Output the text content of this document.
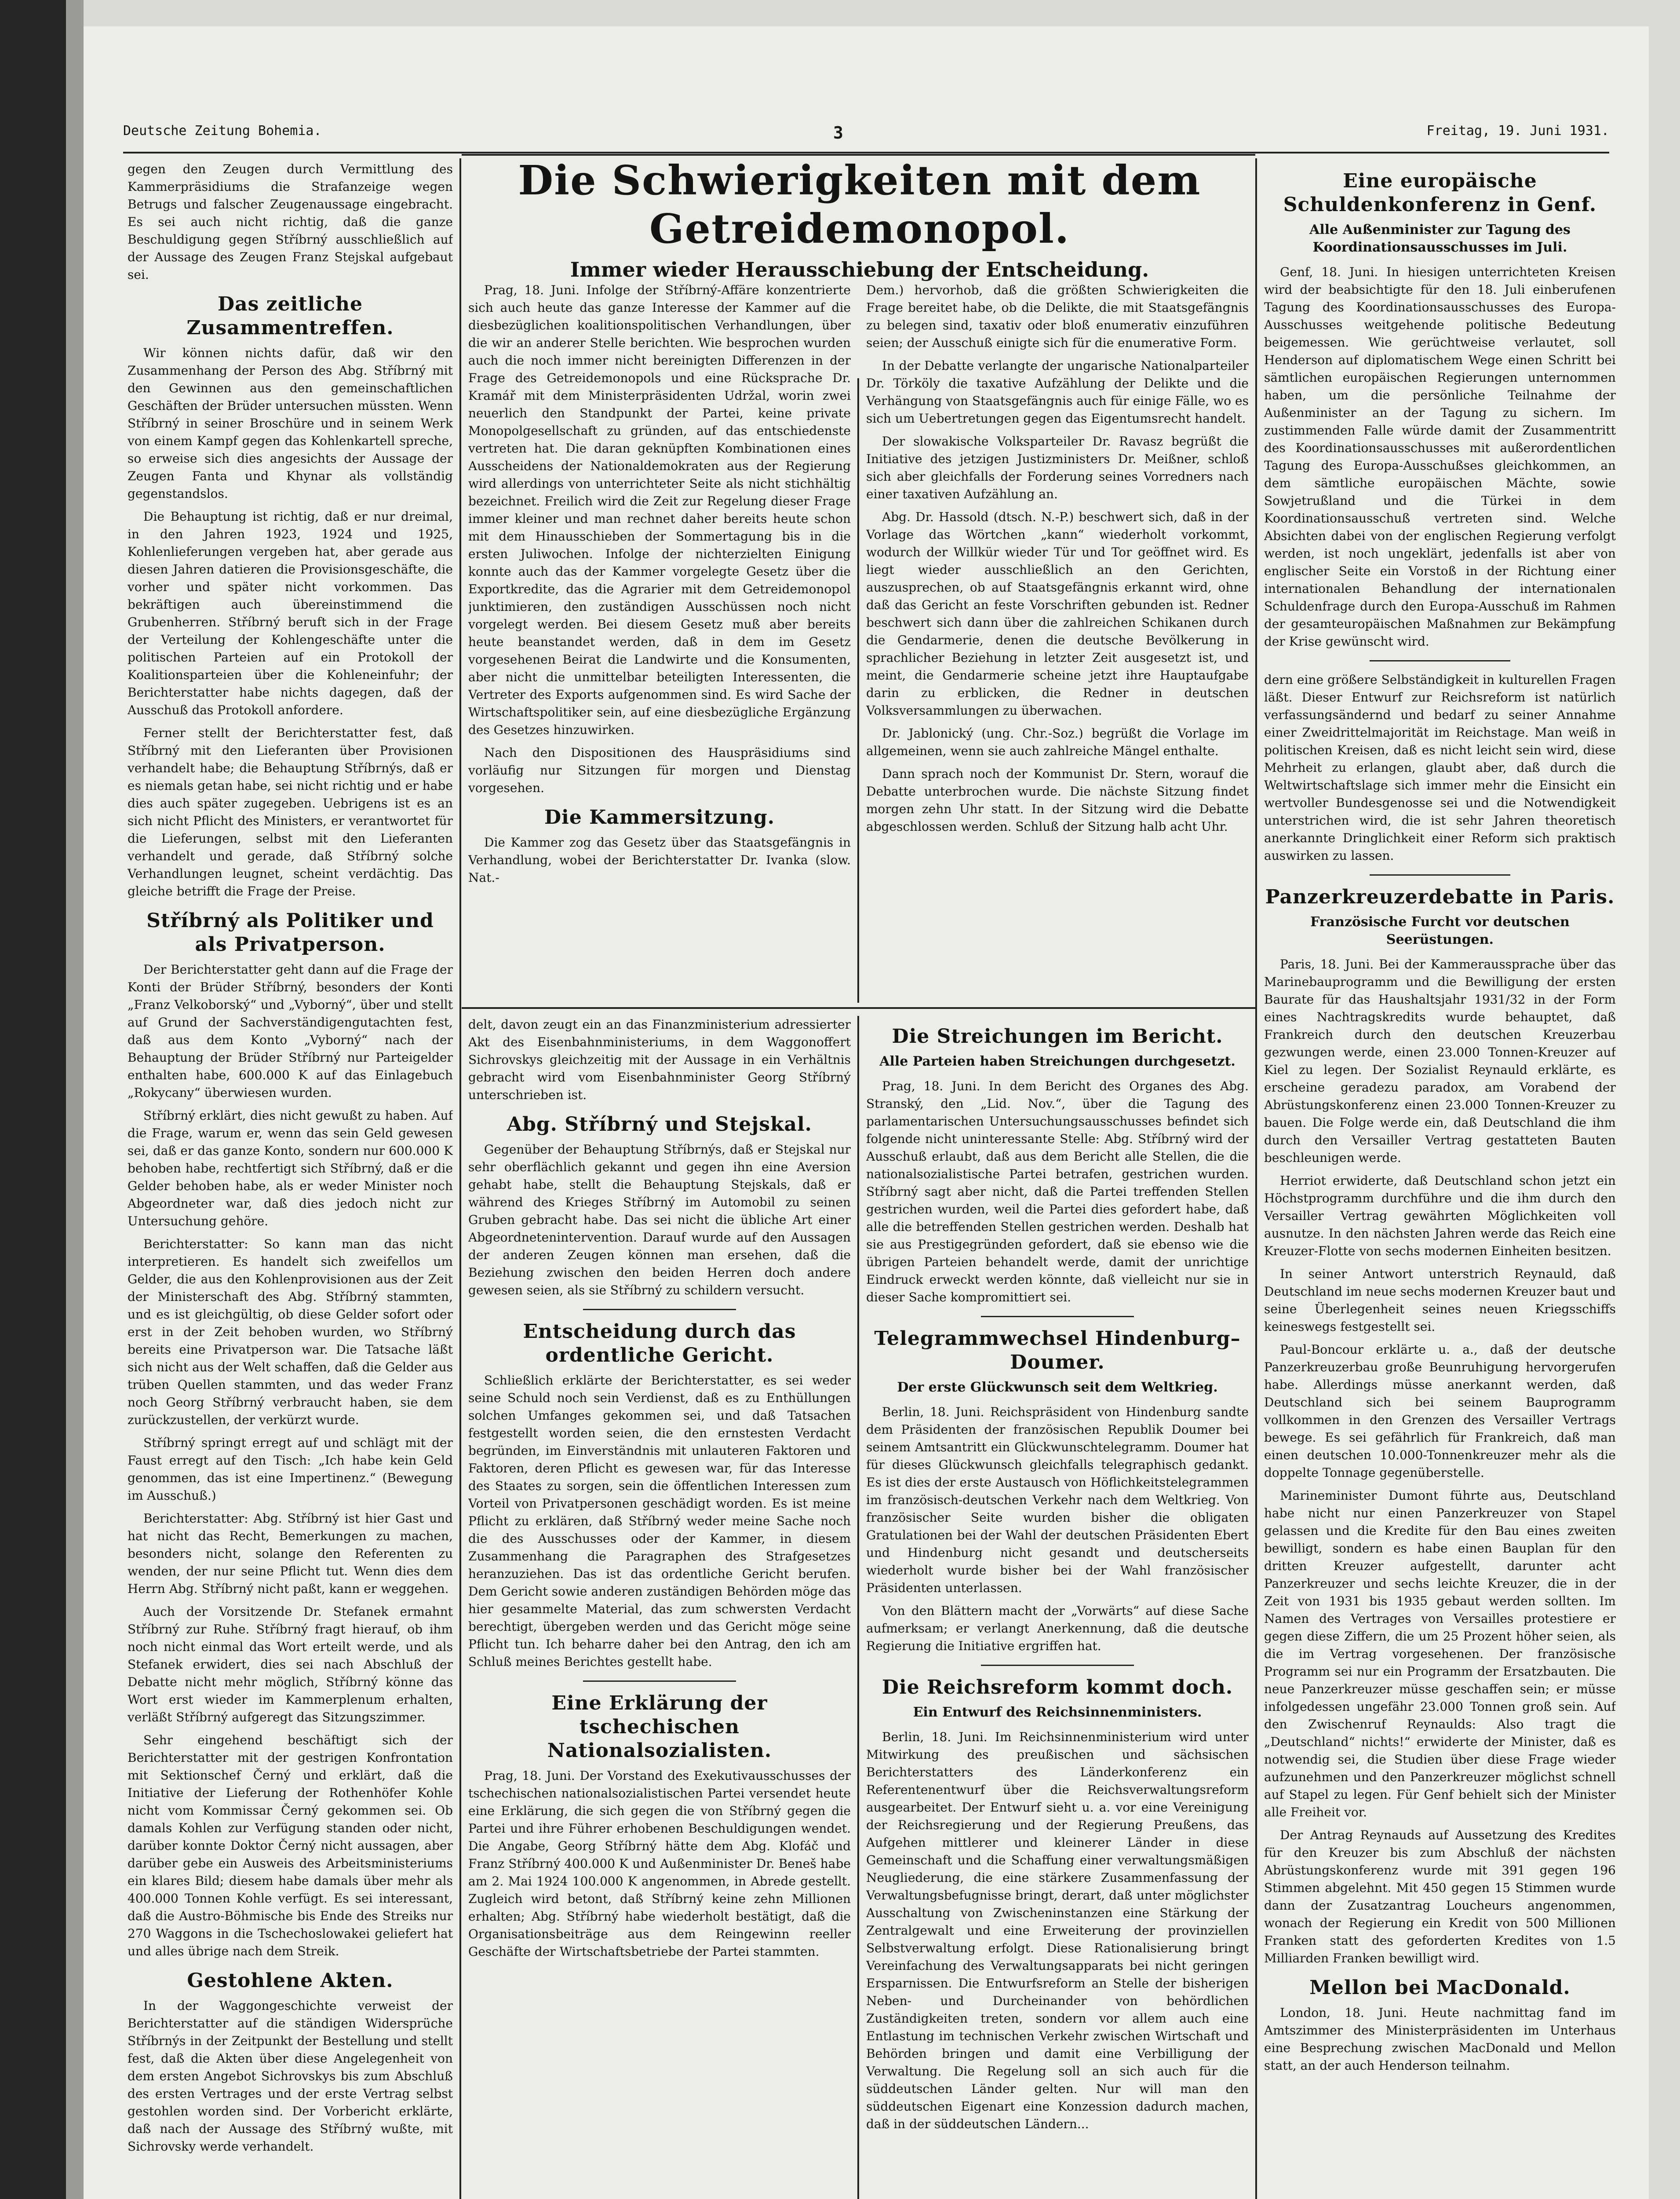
Deutsche Zeitung Bohemia.	3	Freitag, 19. Juni 1931.
Die Schwierigkeiten mit dem Getreidemonopol.
Immer wieder Herausschiebung der Entscheidung.

gegen den Zeugen durch Vermittlung des Kammerpräsidiums die Strafanzeige wegen Betrugs und falscher Zeugenaussage eingebracht. Es sei auch nicht richtig, daß die ganze Beschuldigung gegen Stříbrný ausschließlich auf der Aussage des Zeugen Franz Stejskal aufgebaut sei.

Das zeitliche Zusammentreffen.

Wir können nichts dafür, daß wir den Zusammenhang der Person des Abg. Stříbrný mit den Gewinnen aus den gemeinschaftlichen Geschäften der Brüder untersuchen müssten. Wenn Stříbrný in seiner Broschüre und in seinem Werk von einem Kampf gegen das Kohlenkartell spreche, so erweise sich dies angesichts der Aussage der Zeugen Fanta und Khynar als vollständig gegenstandslos.

Die Behauptung ist richtig, daß er nur dreimal, in den Jahren 1923, 1924 und 1925, Kohlenlieferungen vergeben hat, aber gerade aus diesen Jahren datieren die Provisionsgeschäfte, die vorher und später nicht vorkommen. Das bekräftigen auch übereinstimmend die Grubenherren. Stříbrný beruft sich in der Frage der Verteilung der Kohlengeschäfte unter die politischen Parteien auf ein Protokoll der Koalitionsparteien über die Kohleneinfuhr; der Berichterstatter habe nichts dagegen, daß der Ausschuß das Protokoll anfordere.

Ferner stellt der Berichterstatter fest, daß Stříbrný mit den Lieferanten über Provisionen verhandelt habe; die Behauptung Stříbrnýs, daß er es niemals getan habe, sei nicht richtig und er habe dies auch später zugegeben. Uebrigens ist es an sich nicht Pflicht des Ministers, er verantwortet für die Lieferungen, selbst mit den Lieferanten verhandelt und gerade, daß Stříbrný solche Verhandlungen leugnet, scheint verdächtig. Das gleiche betrifft die Frage der Preise.

Stříbrný als Politiker und als Privatperson.

Der Berichterstatter geht dann auf die Frage der Konti der Brüder Stříbrný, besonders der Konti „Franz Velkoborský“ und „Vyborný“, über und stellt auf Grund der Sachverständigengutachten fest, daß aus dem Konto „Vyborný“ nach der Behauptung der Brüder Stříbrný nur Parteigelder enthalten habe, 600.000 K auf das Einlagebuch „Rokycany“ überwiesen wurden.

Stříbrný erklärt, dies nicht gewußt zu haben. Auf die Frage, warum er, wenn das sein Geld gewesen sei, daß er das ganze Konto, sondern nur 600.000 K behoben habe, rechtfertigt sich Stříbrný, daß er die Gelder behoben habe, als er weder Minister noch Abgeordneter war, daß dies jedoch nicht zur Untersuchung gehöre.

Berichterstatter: So kann man das nicht interpretieren. Es handelt sich zweifellos um Gelder, die aus den Kohlenprovisionen aus der Zeit der Ministerschaft des Abg. Stříbrný stammten, und es ist gleichgültig, ob diese Gelder sofort oder erst in der Zeit behoben wurden, wo Stříbrný bereits eine Privatperson war. Die Tatsache läßt sich nicht aus der Welt schaffen, daß die Gelder aus trüben Quellen stammten, und das weder Franz noch Georg Stříbrný verbraucht haben, sie dem zurückzustellen, der verkürzt wurde.

Stříbrný springt erregt auf und schlägt mit der Faust erregt auf den Tisch: „Ich habe kein Geld genommen, das ist eine Impertinenz.“ (Bewegung im Ausschuß.)

Berichterstatter: Abg. Stříbrný ist hier Gast und hat nicht das Recht, Bemerkungen zu machen, besonders nicht, solange den Referenten zu wenden, der nur seine Pflicht tut. Wenn dies dem Herrn Abg. Stříbrný nicht paßt, kann er weggehen.

Auch der Vorsitzende Dr. Stefanek ermahnt Stříbrný zur Ruhe. Stříbrný fragt hierauf, ob ihm noch nicht einmal das Wort erteilt werde, und als Stefanek erwidert, dies sei nach Abschluß der Debatte nicht mehr möglich, Stříbrný könne das Wort erst wieder im Kammerplenum erhalten, verläßt Stříbrný aufgeregt das Sitzungszimmer.

Sehr eingehend beschäftigt sich der Berichterstatter mit der gestrigen Konfrontation mit Sektionschef Černý und erklärt, daß die Initiative der Lieferung der Rothenhöfer Kohle nicht vom Kommissar Černý gekommen sei. Ob damals Kohlen zur Verfügung standen oder nicht, darüber konnte Doktor Černý nicht aussagen, aber darüber gebe ein Ausweis des Arbeitsministeriums ein klares Bild; diesem habe damals über mehr als 400.000 Tonnen Kohle verfügt. Es sei interessant, daß die Austro-Böhmische bis Ende des Streiks nur 270 Waggons in die Tschechoslowakei geliefert hat und alles übrige nach dem Streik.

Gestohlene Akten.

In der Waggongeschichte verweist der Berichterstatter auf die ständigen Widersprüche Stříbrnýs in der Zeitpunkt der Bestellung und stellt fest, daß die Akten über diese Angelegenheit von dem ersten Angebot Sichrovskys bis zum Abschluß des ersten Vertrages und der erste Vertrag selbst gestohlen worden sind. Der Vorbericht erklärte, daß nach der Aussage des Stříbrný wußte, mit Sichrovsky werde verhandelt.

Prag, 18. Juni. Infolge der Stříbrný-Affäre konzentrierte sich auch heute das ganze Interesse der Kammer auf die diesbezüglichen koalitionspolitischen Verhandlungen, über die wir an anderer Stelle berichten. Wie besprochen wurden auch die noch immer nicht bereinigten Differenzen in der Frage des Getreidemonopols und eine Rücksprache Dr. Kramář mit dem Ministerpräsidenten Udržal, worin zwei neuerlich den Standpunkt der Partei, keine private Monopolgesellschaft zu gründen, auf das entschiedenste vertreten hat. Die daran geknüpften Kombinationen eines Ausscheidens der Nationaldemokraten aus der Regierung wird allerdings von unterrichteter Seite als nicht stichhältig bezeichnet. Freilich wird die Zeit zur Regelung dieser Frage immer kleiner und man rechnet daher bereits heute schon mit dem Hinausschieben der Sommertagung bis in die ersten Juliwochen. Infolge der nichterzielten Einigung konnte auch das der Kammer vorgelegte Gesetz über die Exportkredite, das die Agrarier mit dem Getreidemonopol junktimieren, den zuständigen Ausschüssen noch nicht vorgelegt werden. Bei diesem Gesetz muß aber bereits heute beanstandet werden, daß in dem im Gesetz vorgesehenen Beirat die Landwirte und die Konsumenten, aber nicht die unmittelbar beteiligten Interessenten, die Vertreter des Exports aufgenommen sind. Es wird Sache der Wirtschaftspolitiker sein, auf eine diesbezügliche Ergänzung des Gesetzes hinzuwirken.

Nach den Dispositionen des Hauspräsidiums sind vorläufig nur Sitzungen für morgen und Dienstag vorgesehen.

Die Kammersitzung.

Die Kammer zog das Gesetz über das Staatsgefängnis in Verhandlung, wobei der Berichterstatter Dr. Ivanka (slow. Nat.-

Dem.) hervorhob, daß die größten Schwierigkeiten die Frage bereitet habe, ob die Delikte, die mit Staatsgefängnis zu belegen sind, taxativ oder bloß enumerativ einzuführen seien; der Ausschuß einigte sich für die enumerative Form.

In der Debatte verlangte der ungarische Nationalparteiler Dr. Törköly die taxative Aufzählung der Delikte und die Verhängung von Staatsgefängnis auch für einige Fälle, wo es sich um Uebertretungen gegen das Eigentumsrecht handelt.

Der slowakische Volksparteiler Dr. Ravasz begrüßt die Initiative des jetzigen Justizministers Dr. Meißner, schloß sich aber gleichfalls der Forderung seines Vorredners nach einer taxativen Aufzählung an.

Abg. Dr. Hassold (dtsch. N.-P.) beschwert sich, daß in der Vorlage das Wörtchen „kann“ wiederholt vorkommt, wodurch der Willkür wieder Tür und Tor geöffnet wird. Es liegt wieder ausschließlich an den Gerichten, auszusprechen, ob auf Staatsgefängnis erkannt wird, ohne daß das Gericht an feste Vorschriften gebunden ist. Redner beschwert sich dann über die zahlreichen Schikanen durch die Gendarmerie, denen die deutsche Bevölkerung in sprachlicher Beziehung in letzter Zeit ausgesetzt ist, und meint, die Gendarmerie scheine jetzt ihre Hauptaufgabe darin zu erblicken, die Redner in deutschen Volksversammlungen zu überwachen.

Dr. Jablonický (ung. Chr.-Soz.) begrüßt die Vorlage im allgemeinen, wenn sie auch zahlreiche Mängel enthalte.

Dann sprach noch der Kommunist Dr. Stern, worauf die Debatte unterbrochen wurde. Die nächste Sitzung findet morgen zehn Uhr statt. In der Sitzung wird die Debatte abgeschlossen werden. Schluß der Sitzung halb acht Uhr.

delt, davon zeugt ein an das Finanzministerium adressierter Akt des Eisenbahnministeriums, in dem Waggonoffert Sichrovskys gleichzeitig mit der Aussage in ein Verhältnis gebracht wird vom Eisenbahnminister Georg Stříbrný unterschrieben ist.

Abg. Stříbrný und Stejskal.

Gegenüber der Behauptung Stříbrnýs, daß er Stejskal nur sehr oberflächlich gekannt und gegen ihn eine Aversion gehabt habe, stellt die Behauptung Stejskals, daß er während des Krieges Stříbrný im Automobil zu seinen Gruben gebracht habe. Das sei nicht die übliche Art einer Abgeordnetenintervention. Darauf wurde auf den Aussagen der anderen Zeugen können man ersehen, daß die Beziehung zwischen den beiden Herren doch andere gewesen seien, als sie Stříbrný zu schildern versucht.

Entscheidung durch das ordentliche Gericht.

Schließlich erklärte der Berichterstatter, es sei weder seine Schuld noch sein Verdienst, daß es zu Enthüllungen solchen Umfanges gekommen sei, und daß Tatsachen festgestellt worden seien, die den ernstesten Verdacht begründen, im Einverständnis mit unlauteren Faktoren und Faktoren, deren Pflicht es gewesen war, für das Interesse des Staates zu sorgen, sein die öffentlichen Interessen zum Vorteil von Privatpersonen geschädigt worden. Es ist meine Pflicht zu erklären, daß Stříbrný weder meine Sache noch die des Ausschusses oder der Kammer, in diesem Zusammenhang die Paragraphen des Strafgesetzes heranzuziehen. Das ist das ordentliche Gericht berufen. Dem Gericht sowie anderen zuständigen Behörden möge das hier gesammelte Material, das zum schwersten Verdacht berechtigt, übergeben werden und das Gericht möge seine Pflicht tun. Ich beharre daher bei den Antrag, den ich am Schluß meines Berichtes gestellt habe.

Eine Erklärung der tschechischen Nationalsozialisten.

Prag, 18. Juni. Der Vorstand des Exekutivausschusses der tschechischen nationalsozialistischen Partei versendet heute eine Erklärung, die sich gegen die von Stříbrný gegen die Partei und ihre Führer erhobenen Beschuldigungen wendet. Die Angabe, Georg Stříbrný hätte dem Abg. Klofáč und Franz Stříbrný 400.000 K und Außenminister Dr. Beneš habe am 2. Mai 1924 100.000 K angenommen, in Abrede gestellt. Zugleich wird betont, daß Stříbrný keine zehn Millionen erhalten; Abg. Stříbrný habe wiederholt bestätigt, daß die Organisationsbeiträge aus dem Reingewinn reeller Geschäfte der Wirtschaftsbetriebe der Partei stammten.

Die Streichungen im Bericht.

Alle Parteien haben Streichungen durchgesetzt.

Prag, 18. Juni. In dem Bericht des Organes des Abg. Stranský, den „Lid. Nov.“, über die Tagung des parlamentarischen Untersuchungsausschusses befindet sich folgende nicht uninteressante Stelle: Abg. Stříbrný wird der Ausschuß erlaubt, daß aus dem Bericht alle Stellen, die die nationalsozialistische Partei betrafen, gestrichen wurden. Stříbrný sagt aber nicht, daß die Partei treffenden Stellen gestrichen wurden, weil die Partei dies gefordert habe, daß alle die betreffenden Stellen gestrichen werden. Deshalb hat sie aus Prestigegründen gefordert, daß sie ebenso wie die übrigen Parteien behandelt werde, damit der unrichtige Eindruck erweckt werden könnte, daß vielleicht nur sie in dieser Sache kompromittiert sei.

Telegrammwechsel Hindenburg–Doumer.

Der erste Glückwunsch seit dem Weltkrieg.

Berlin, 18. Juni. Reichspräsident von Hindenburg sandte dem Präsidenten der französischen Republik Doumer bei seinem Amtsantritt ein Glückwunschtelegramm. Doumer hat für dieses Glückwunsch gleichfalls telegraphisch gedankt. Es ist dies der erste Austausch von Höflichkeitstelegrammen im französisch-deutschen Verkehr nach dem Weltkrieg. Von französischer Seite wurden bisher die obligaten Gratulationen bei der Wahl der deutschen Präsidenten Ebert und Hindenburg nicht gesandt und deutscherseits wiederholt wurde bisher bei der Wahl französischer Präsidenten unterlassen.

Von den Blättern macht der „Vorwärts“ auf diese Sache aufmerksam; er verlangt Anerkennung, daß die deutsche Regierung die Initiative ergriffen hat.

Die Reichsreform kommt doch.

Ein Entwurf des Reichsinnenministers.

Berlin, 18. Juni. Im Reichsinnenministerium wird unter Mitwirkung des preußischen und sächsischen Berichterstatters des Länderkonferenz ein Referentenentwurf über die Reichsverwaltungsreform ausgearbeitet. Der Entwurf sieht u. a. vor eine Vereinigung der Reichsregierung und der Regierung Preußens, das Aufgehen mittlerer und kleinerer Länder in diese Gemeinschaft und die Schaffung einer verwaltungsmäßigen Neugliederung, die eine stärkere Zusammenfassung der Verwaltungsbefugnisse bringt, derart, daß unter möglichster Ausschaltung von Zwischeninstanzen eine Stärkung der Zentralgewalt und eine Erweiterung der provinziellen Selbstverwaltung erfolgt. Diese Rationalisierung bringt Vereinfachung des Verwaltungsapparats bei nicht geringen Ersparnissen. Die Entwurfsreform an Stelle der bisherigen Neben- und Durcheinander von behördlichen Zuständigkeiten treten, sondern vor allem auch eine Entlastung im technischen Verkehr zwischen Wirtschaft und Behörden bringen und damit eine Verbilligung der Verwaltung. Die Regelung soll an sich auch für die süddeutschen Länder gelten. Nur will man den süddeutschen Eigenart eine Konzession dadurch machen, daß in der süddeutschen Ländern...

Eine europäische Schuldenkonferenz in Genf.

Alle Außenminister zur Tagung des Koordinationsausschusses im Juli.

Genf, 18. Juni. In hiesigen unterrichteten Kreisen wird der beabsichtigte für den 18. Juli einberufenen Tagung des Koordinationsausschusses des Europa-Ausschusses weitgehende politische Bedeutung beigemessen. Wie gerüchtweise verlautet, soll Henderson auf diplomatischem Wege einen Schritt bei sämtlichen europäischen Regierungen unternommen haben, um die persönliche Teilnahme der Außenminister an der Tagung zu sichern. Im zustimmenden Falle würde damit der Zusammentritt des Koordinationsausschusses mit außerordentlichen Tagung des Europa-Ausschußses gleichkommen, an dem sämtliche europäischen Mächte, sowie Sowjetrußland und die Türkei in dem Koordinationsausschuß vertreten sind. Welche Absichten dabei von der englischen Regierung verfolgt werden, ist noch ungeklärt, jedenfalls ist aber von englischer Seite ein Vorstoß in der Richtung einer internationalen Behandlung der internationalen Schuldenfrage durch den Europa-Ausschuß im Rahmen der gesamteuropäischen Maßnahmen zur Bekämpfung der Krise gewünscht wird.

dern eine größere Selbständigkeit in kulturellen Fragen läßt. Dieser Entwurf zur Reichsreform ist natürlich verfassungsändernd und bedarf zu seiner Annahme einer Zweidrittelmajorität im Reichstage. Man weiß in politischen Kreisen, daß es nicht leicht sein wird, diese Mehrheit zu erlangen, glaubt aber, daß durch die Weltwirtschaftslage sich immer mehr die Einsicht ein wertvoller Bundesgenosse sei und die Notwendigkeit unterstrichen wird, die ist sehr Jahren theoretisch anerkannte Dringlichkeit einer Reform sich praktisch auswirken zu lassen.

Panzerkreuzerdebatte in Paris.

Französische Furcht vor deutschen Seerüstungen.

Paris, 18. Juni. Bei der Kammeraussprache über das Marinebauprogramm und die Bewilligung der ersten Baurate für das Haushaltsjahr 1931/32 in der Form eines Nachtragskredits wurde behauptet, daß Frankreich durch den deutschen Kreuzerbau gezwungen werde, einen 23.000 Tonnen-Kreuzer auf Kiel zu legen. Der Sozialist Reynauld erklärte, es erscheine geradezu paradox, am Vorabend der Abrüstungskonferenz einen 23.000 Tonnen-Kreuzer zu bauen. Die Folge werde ein, daß Deutschland die ihm durch den Versailler Vertrag gestatteten Bauten beschleunigen werde.

Herriot erwiderte, daß Deutschland schon jetzt ein Höchstprogramm durchführe und die ihm durch den Versailler Vertrag gewährten Möglichkeiten voll ausnutze. In den nächsten Jahren werde das Reich eine Kreuzer-Flotte von sechs modernen Einheiten besitzen.

In seiner Antwort unterstrich Reynauld, daß Deutschland im neue sechs modernen Kreuzer baut und seine Überlegenheit seines neuen Kriegsschiffs keineswegs festgestellt sei.

Paul-Boncour erklärte u. a., daß der deutsche Panzerkreuzerbau große Beunruhigung hervorgerufen habe. Allerdings müsse anerkannt werden, daß Deutschland sich bei seinem Bauprogramm vollkommen in den Grenzen des Versailler Vertrags bewege. Es sei gefährlich für Frankreich, daß man einen deutschen 10.000-Tonnenkreuzer mehr als die doppelte Tonnage gegenüberstelle.

Marineminister Dumont führte aus, Deutschland habe nicht nur einen Panzerkreuzer von Stapel gelassen und die Kredite für den Bau eines zweiten bewilligt, sondern es habe einen Bauplan für den dritten Kreuzer aufgestellt, darunter acht Panzerkreuzer und sechs leichte Kreuzer, die in der Zeit von 1931 bis 1935 gebaut werden sollten. Im Namen des Vertrages von Versailles protestiere er gegen diese Ziffern, die um 25 Prozent höher seien, als die im Vertrag vorgesehenen. Der französische Programm sei nur ein Programm der Ersatzbauten. Die neue Panzerkreuzer müsse geschaffen sein; er müsse infolgedessen ungefähr 23.000 Tonnen groß sein. Auf den Zwischenruf Reynaulds: Also tragt die „Deutschland“ nichts!“ erwiderte der Minister, daß es notwendig sei, die Studien über diese Frage wieder aufzunehmen und den Panzerkreuzer möglichst schnell auf Stapel zu legen. Für Genf behielt sich der Minister alle Freiheit vor.

Der Antrag Reynauds auf Aussetzung des Kredites für den Kreuzer bis zum Abschluß der nächsten Abrüstungskonferenz wurde mit 391 gegen 196 Stimmen abgelehnt. Mit 450 gegen 15 Stimmen wurde dann der Zusatzantrag Loucheurs angenommen, wonach der Regierung ein Kredit von 500 Millionen Franken statt des geforderten Kredites von 1.5 Milliarden Franken bewilligt wird.

Mellon bei MacDonald.

London, 18. Juni. Heute nachmittag fand im Amtszimmer des Ministerpräsidenten im Unterhaus eine Besprechung zwischen MacDonald und Mellon statt, an der auch Henderson teilnahm.
